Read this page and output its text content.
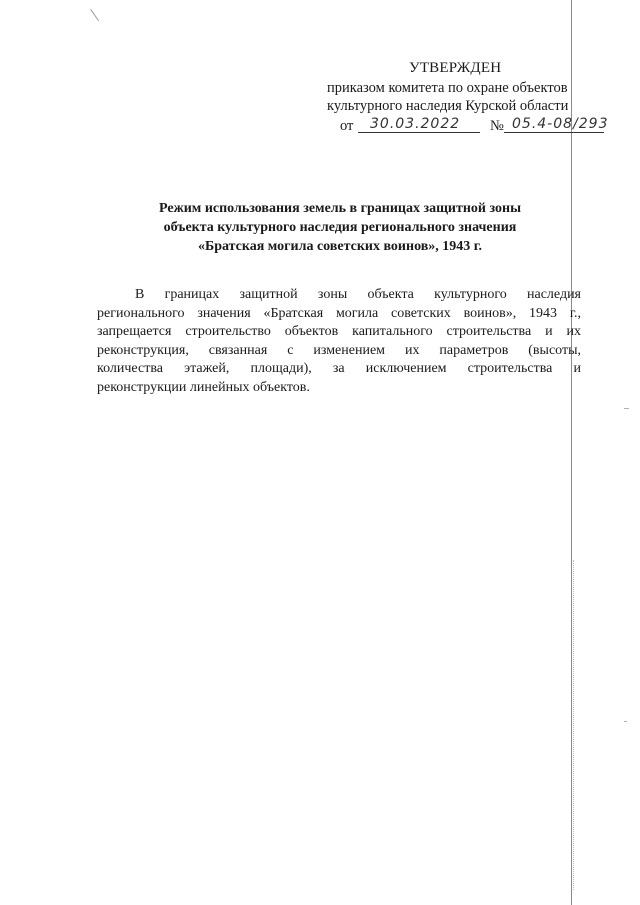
УТВЕРЖДЕН
приказом комитета по охране объектов
культурного наследия Курской области
от 30.03.2022 № 05.4-08/293
Режим использования земель в границах защитной зоны
объекта культурного наследия регионального значения
«Братская могила советских воинов», 1943 г.
В границах защитной зоны объекта культурного наследия
регионального значения «Братская могила советских воинов», 1943 г.,
запрещается строительство объектов капитального строительства и их
реконструкция, связанная с изменением их параметров (высоты,
количества этажей, площади), за исключением строительства и
реконструкции линейных объектов.
